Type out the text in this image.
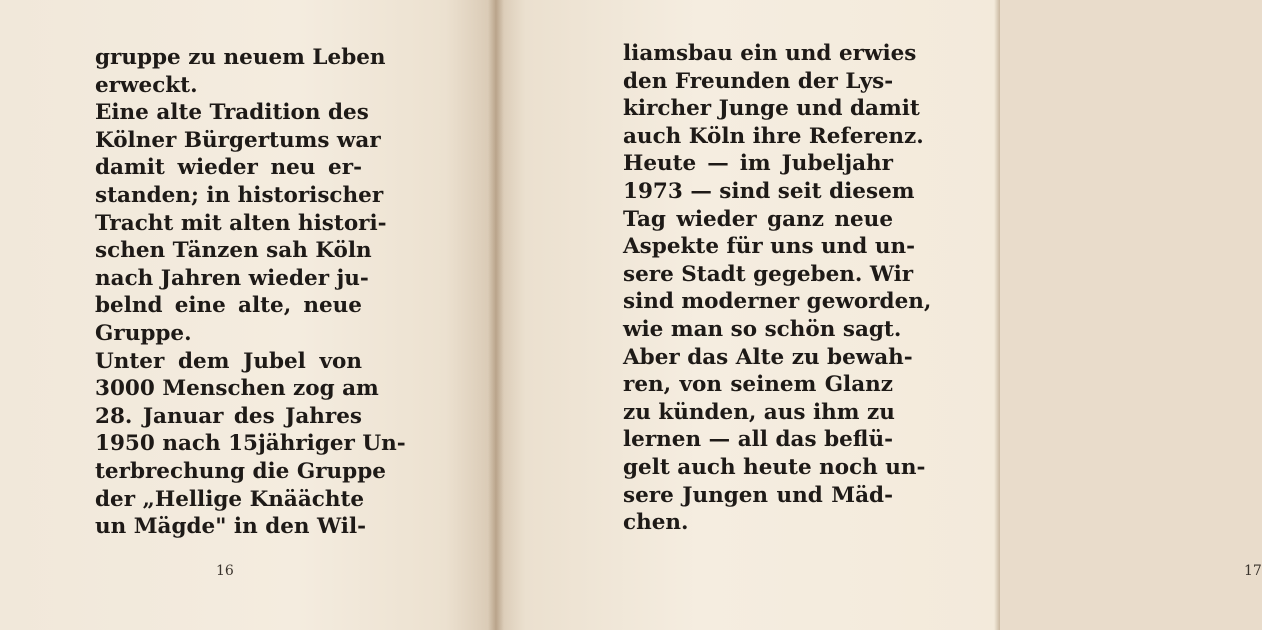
gruppe zu neuem Leben
erweckt.
Eine alte Tradition des
Kölner Bürgertums war
damit wieder neu er-
standen; in historischer
Tracht mit alten histori-
schen Tänzen sah Köln
nach Jahren wieder ju-
belnd eine alte, neue
Gruppe.
Unter dem Jubel von
3000 Menschen zog am
28. Januar des Jahres
1950 nach 15jähriger Un-
terbrechung die Gruppe
der „Hellige Knäächte
un Mägde" in den Wil-
16
liamsbau ein und erwies
den Freunden der Lys-
kircher Junge und damit
auch Köln ihre Referenz.
Heute — im Jubeljahr
1973 — sind seit diesem
Tag wieder ganz neue
Aspekte für uns und un-
sere Stadt gegeben. Wir
sind moderner geworden,
wie man so schön sagt.
Aber das Alte zu bewah-
ren, von seinem Glanz
zu künden, aus ihm zu
lernen — all das beflü-
gelt auch heute noch un-
sere Jungen und Mäd-
chen.
17
